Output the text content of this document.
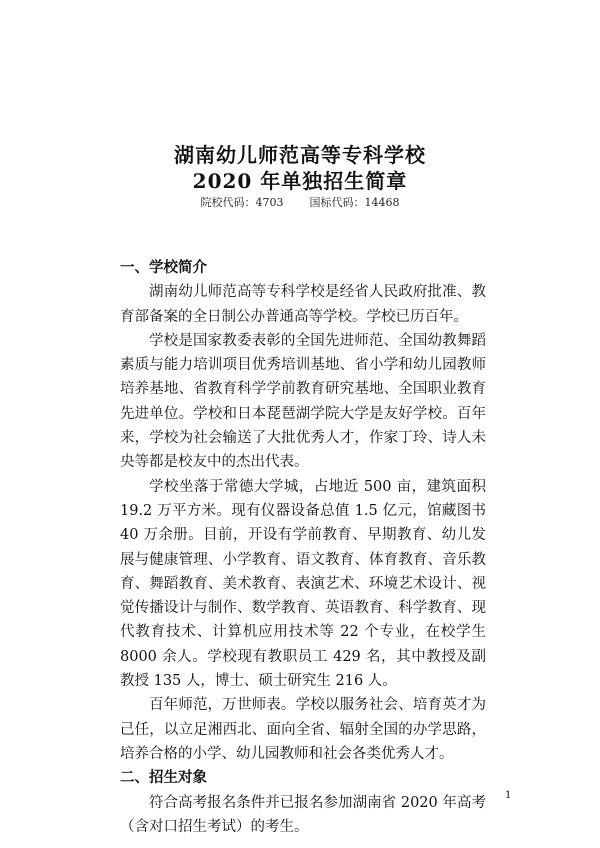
湖南幼儿师范高等专科学校
2020 年单独招生简章
院校代码：4703 国标代码：14468

一、学校简介

湖南幼儿师范高等专科学校是经省人民政府批准、教育部备案的全日制公办普通高等学校。学校已历百年。

学校是国家教委表彰的全国先进师范、全国幼教舞蹈素质与能力培训项目优秀培训基地、省小学和幼儿园教师培养基地、省教育科学学前教育研究基地、全国职业教育先进单位。学校和日本琵琶湖学院大学是友好学校。百年来，学校为社会输送了大批优秀人才，作家丁玲、诗人未央等都是校友中的杰出代表。

学校坐落于常德大学城，占地近 500 亩，建筑面积 19.2 万平方米。现有仪器设备总值 1.5 亿元，馆藏图书 40 万余册。目前，开设有学前教育、早期教育、幼儿发展与健康管理、小学教育、语文教育、体育教育、音乐教育、舞蹈教育、美术教育、表演艺术、环境艺术设计、视觉传播设计与制作、数学教育、英语教育、科学教育、现代教育技术、计算机应用技术等 22 个专业，在校学生 8000 余人。学校现有教职员工 429 名，其中教授及副教授 135 人，博士、硕士研究生 216 人。

百年师范，万世师表。学校以服务社会、培育英才为己任，以立足湘西北、面向全省、辐射全国的办学思路，培养合格的小学、幼儿园教师和社会各类优秀人才。

二、招生对象

符合高考报名条件并已报名参加湖南省 2020 年高考（含对口招生考试）的考生。

1
